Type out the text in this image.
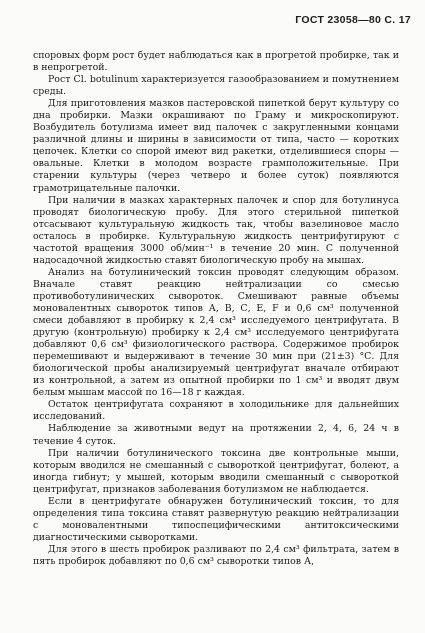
ГОСТ 23058—80 С. 17

споровых форм рост будет наблюдаться как в прогретой пробирке, так и в непрогретой.

Рост Cl. botulinum характеризуется газообразованием и помутнением среды.

Для приготовления мазков пастеровской пипеткой берут культуру со дна пробирки. Мазки окрашивают по Граму и микроскопируют. Возбудитель ботулизма имеет вид палочек с закругленными концами различной длины и ширины в зависимости от типа, часто — коротких цепочек. Клетки со спорой имеют вид ракетки, отделившиеся споры — овальные. Клетки в молодом возрасте грамположительные. При старении культуры (через четверо и более суток) появляются грамотрицательные палочки.

При наличии в мазках характерных палочек и спор для ботулинуса проводят биологическую пробу. Для этого стерильной пипеткой отсасывают культуральную жидкость так, чтобы вазелиновое масло осталось в пробирке. Культуральную жидкость центрифугируют с частотой вращения 3000 об/мин⁻¹ в течение 20 мин. С полученной надосадочной жидкостью ставят биологическую пробу на мышах.

Анализ на ботулинический токсин проводят следующим образом. Вначале ставят реакцию нейтрализации со смесью противоботулинических сывороток. Смешивают равные объемы моновалентных сывороток типов А, В, С, Е, F и 0,6 см³ полученной смеси добавляют в пробирку к 2,4 см³ исследуемого центрифугата. В другую (контрольную) пробирку к 2,4 см³ исследуемого центрифугата добавляют 0,6 см³ физиологического раствора. Содержимое пробирок перемешивают и выдерживают в течение 30 мин при (21±3) °С. Для биологической пробы анализируемый центрифугат вначале отбирают из контрольной, а затем из опытной пробирки по 1 см³ и вводят двум белым мышам массой по 16—18 г каждая.

Остаток центрифугата сохраняют в холодильнике для дальнейших исследований.

Наблюдение за животными ведут на протяжении 2, 4, 6, 24 ч в течение 4 суток.

При наличии ботулинического токсина две контрольные мыши, которым вводился не смешанный с сывороткой центрифугат, болеют, а иногда гибнут; у мышей, которым вводили смешанный с сывороткой центрифугат, признаков заболевания ботулизмом не наблюдается.

Если в центрифугате обнаружен ботулинический токсин, то для определения типа токсина ставят развернутую реакцию нейтрализации с моновалентными типоспецифическими антитоксическими диагностическими сыворотками.

Для этого в шесть пробирок разливают по 2,4 см³ фильтрата, затем в пять пробирок добавляют по 0,6 см³ сыворотки типов А,
